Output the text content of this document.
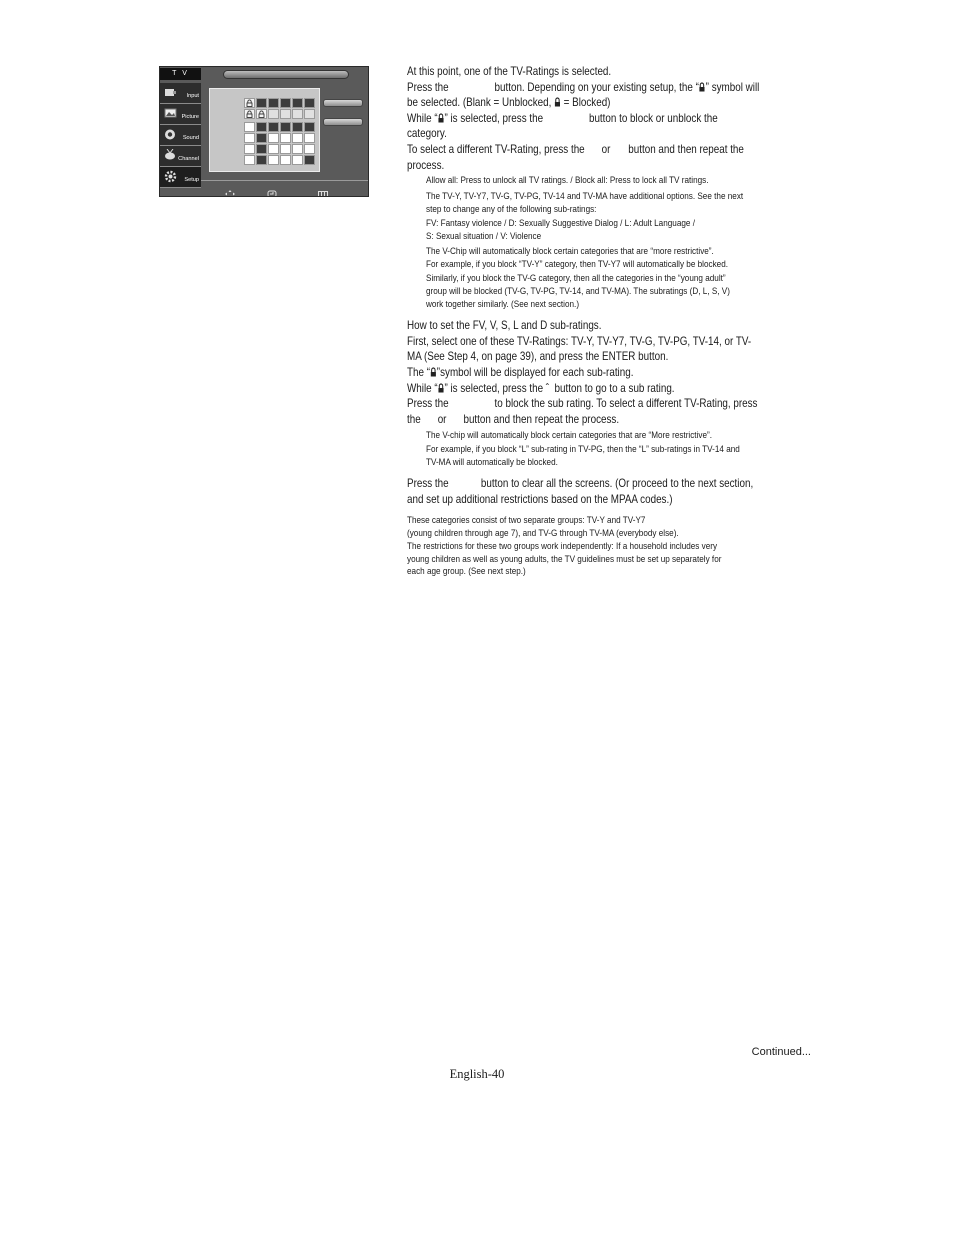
T V
Input
Picture
Sound
Channel
Setup
At this point, one of the TV-Ratings is selected.
Press the	button. Depending on your existing setup, the “ ” symbol will
be selected. (Blank = Unblocked,
= Blocked)
While “ ” is selected, press the	button to block or unblock the
category.
To select a different TV-Rating, press the or button and then repeat the
process.
Allow all: Press to unlock all TV ratings. / Block all: Press to lock all TV ratings.
The TV-Y, TV-Y7, TV-G, TV-PG, TV-14 and TV-MA have additional options. See the next
step to change any of the following sub-ratings:
FV: Fantasy violence / D: Sexually Suggestive Dialog / L: Adult Language /
S: Sexual situation / V: Violence
The V-Chip will automatically block certain categories that are “more restrictive”.
For example, if you block “TV-Y” category, then TV-Y7 will automatically be blocked.
Similarly, if you block the TV-G category, then all the categories in the “young adult”
group will be blocked (TV-G, TV-PG, TV-14, and TV-MA). The subratings (D, L, S, V)
work together similarly. (See next section.)
How to set the FV, V, S, L and D sub-ratings.
First, select one of these TV-Ratings: TV-Y, TV-Y7, TV-G, TV-PG, TV-14, or TV-
MA (See Step 4, on page 39), and press the ENTER button.
The “ ”symbol will be displayed for each sub-rating.
While “ ” is selected, press the ˆ  button to go to a sub rating.
Press the	to block the sub rating. To select a different TV-Rating, press
the or button and then repeat the process.
The V-chip will automatically block certain categories that are “More restrictive”.
For example, if you block “L” sub-rating in TV-PG, then the “L” sub-ratings in TV-14 and
TV-MA will automatically be blocked.
Press the	button to clear all the screens. (Or proceed to the next section,
and set up additional restrictions based on the MPAA codes.)
These categories consist of two separate groups: TV-Y and TV-Y7
(young children through age 7), and TV-G through TV-MA (everybody else).
The restrictions for these two groups work independently: If a household includes very
young children as well as young adults, the TV guidelines must be set up separately for
each age group. (See next step.)
Continued...
English-40
